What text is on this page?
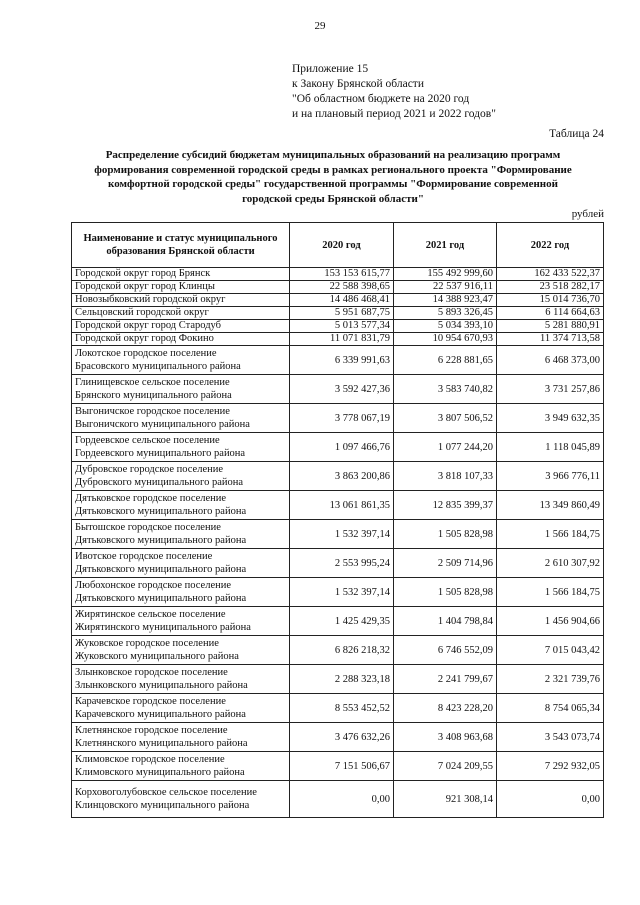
29
Приложение 15
к Закону Брянской области
"Об областном бюджете на 2020 год
и на плановый период 2021 и 2022 годов"
Таблица 24
Распределение субсидий бюджетам муниципальных образований на реализацию программ
формирования современной городской среды в рамках регионального проекта "Формирование
комфортной городской среды" государственной программы "Формирование современной
городской среды Брянской области"
рублей
Наименование и статус муниципального
образования Брянской области	2020 год	2021 год	2022 год

Городской округ город Брянск	153 153 615,77	155 492 999,60	162 433 522,37

Городской округ город Клинцы	22 588 398,65	22 537 916,11	23 518 282,17

Новозыбковский городской округ	14 486 468,41	14 388 923,47	15 014 736,70

Сельцовский городской округ	5 951 687,75	5 893 326,45	6 114 664,63

Городской округ город Стародуб	5 013 577,34	5 034 393,10	5 281 880,91

Городской округ город Фокино	11 071 831,79	10 954 670,93	11 374 713,58

Локотское городское поселение
Брасовского муниципального района	6 339 991,63	6 228 881,65	6 468 373,00

Глинищевское сельское поселение
Брянского муниципального района	3 592 427,36	3 583 740,82	3 731 257,86

Выгоничское городское поселение
Выгоничского муниципального района	3 778 067,19	3 807 506,52	3 949 632,35

Гордеевское сельское поселение
Гордеевского муниципального района	1 097 466,76	1 077 244,20	1 118 045,89

Дубровское городское поселение
Дубровского муниципального района	3 863 200,86	3 818 107,33	3 966 776,11

Дятьковское городское поселение
Дятьковского муниципального района	13 061 861,35	12 835 399,37	13 349 860,49

Бытошское городское поселение
Дятьковского муниципального района	1 532 397,14	1 505 828,98	1 566 184,75

Ивотское городское поселение
Дятьковского муниципального района	2 553 995,24	2 509 714,96	2 610 307,92

Любохонское городское поселение
Дятьковского муниципального района	1 532 397,14	1 505 828,98	1 566 184,75

Жирятинское сельское поселение
Жирятинского муниципального района	1 425 429,35	1 404 798,84	1 456 904,66

Жуковское городское поселение
Жуковского муниципального района	6 826 218,32	6 746 552,09	7 015 043,42

Злынковское городское поселение
Злынковского муниципального района	2 288 323,18	2 241 799,67	2 321 739,76

Карачевское городское поселение
Карачевского муниципального района	8 553 452,52	8 423 228,20	8 754 065,34

Клетнянское городское поселение
Клетнянского муниципального района	3 476 632,26	3 408 963,68	3 543 073,74

Климовское городское поселение
Климовского муниципального района	7 151 506,67	7 024 209,55	7 292 932,05

Корховоголубовское сельское поселение
Клинцовского муниципального района	0,00	921 308,14	0,00
